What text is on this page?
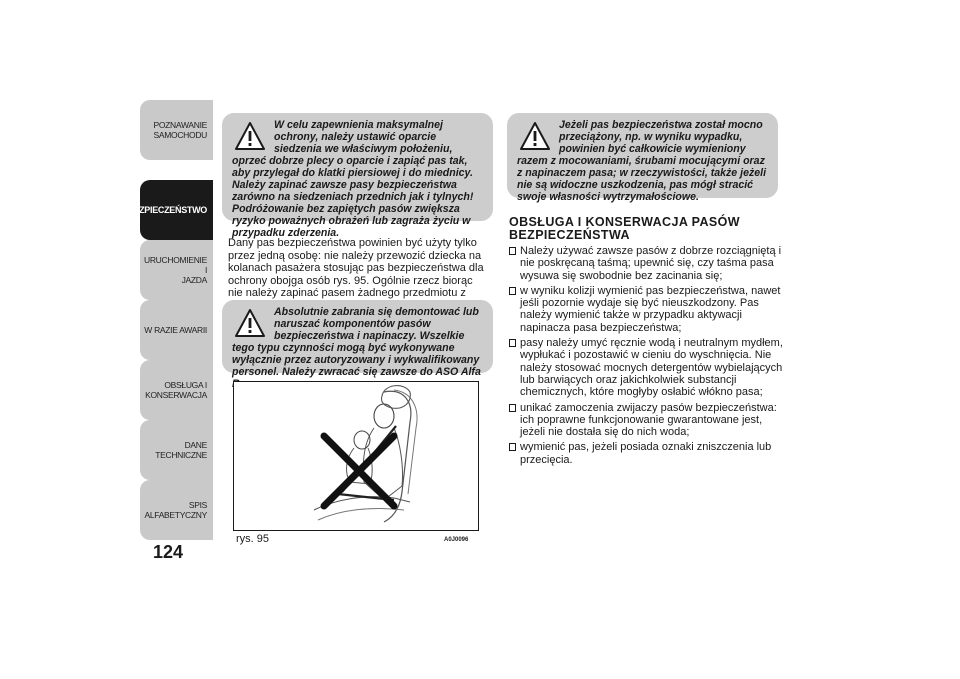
POZNAWANIE
SAMOCHODU
BEZPIECZEŃSTWO
URUCHOMIENIE I
JAZDA
W RAZIE AWARII
OBSŁUGA I
KONSERWACJA
DANE TECHNICZNE
SPIS ALFABETYCZNY
124

W celu zapewnienia maksymalnej ochrony, należy ustawić oparcie siedzenia we właściwym położeniu, oprzeć dobrze plecy o oparcie i zapiąć pas tak, aby przylegał do klatki piersiowej i do miednicy. Należy zapinać zawsze pasy bezpieczeństwa zarówno na siedzeniach przednich jak i tylnych! Podróżowanie bez zapiętych pasów zwiększa ryzyko poważnych obrażeń lub zagraża życiu w przypadku zderzenia.

Dany pas bezpieczeństwa powinien być użyty tylko przez jedną osobę: nie należy przewozić dziecka na kolanach pasażera stosując pas bezpieczeństwa dla ochrony obojga osób rys. 95. Ogólnie rzecz biorąc nie należy zapinać pasem żadnego przedmiotu z

Absolutnie zabrania się demontować lub naruszać komponentów pasów bezpieczeństwa i napinaczy. Wszelkie tego typu czynności mogą być wykonywane wyłącznie przez autoryzowany i wykwalifikowany personel. Należy zwracać się zawsze do ASO Alfa

rys. 95	A0J0096

Jeżeli pas bezpieczeństwa został mocno przeciążony, np. w wyniku wypadku, powinien być całkowicie wymieniony razem z mocowaniami, śrubami mocującymi oraz z napinaczem pasa; w rzeczywistości, także jeżeli nie są widoczne uszkodzenia, pas mógł stracić swoje własności wytrzymałościowe.

OBSŁUGA I KONSERWACJA PASÓW BEZPIECZEŃSTWA
Należy używać zawsze pasów z dobrze rozciągniętą i nie poskręcaną taśmą; upewnić się, czy taśma pasa wysuwa się swobodnie bez zacinania się;
w wyniku kolizji wymienić pas bezpieczeństwa, nawet jeśli pozornie wydaje się być nieuszkodzony. Pas należy wymienić także w przypadku aktywacji napinacza pasa bezpieczeństwa;
pasy należy umyć ręcznie wodą i neutralnym mydłem, wypłukać i pozostawić w cieniu do wyschnięcia. Nie należy stosować mocnych detergentów wybielających lub barwiących oraz jakichkolwiek substancji chemicznych, które mogłyby osłabić włókno pasa;
unikać zamoczenia zwijaczy pasów bezpieczeństwa: ich poprawne funkcjonowanie gwarantowane jest, jeżeli nie dostała się do nich woda;
wymienić pas, jeżeli posiada oznaki zniszczenia lub przecięcia.
